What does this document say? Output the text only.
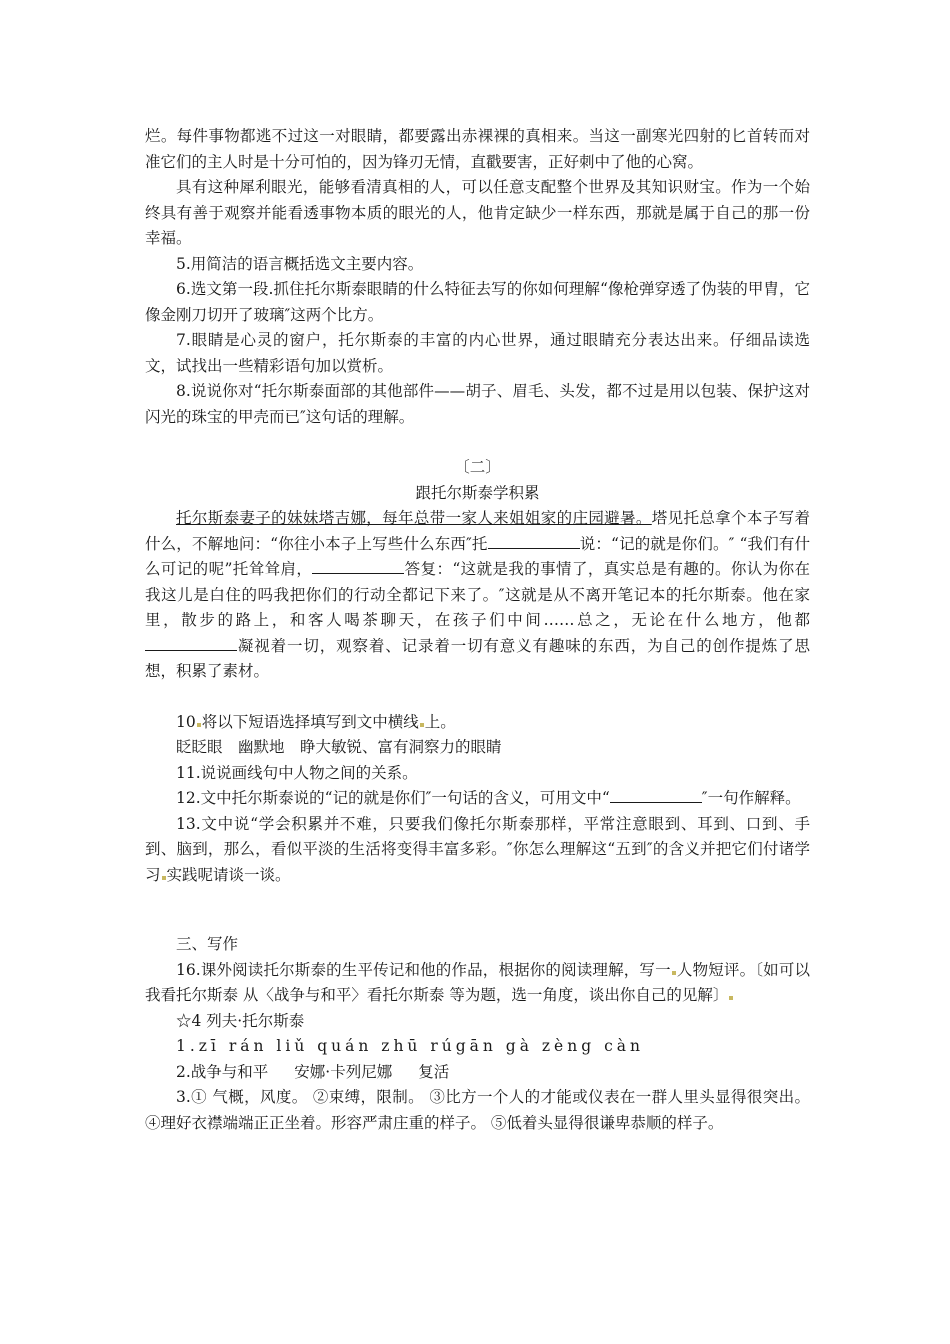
烂。每件事物都逃不过这一对眼睛，都要露出赤裸裸的真相来。当这一副寒光四射的匕首转而对准它们的主人时是十分可怕的，因为锋刃无情，直戳要害，正好刺中了他的心窝。

具有这种犀利眼光，能够看清真相的人，可以任意支配整个世界及其知识财宝。作为一个始终具有善于观察并能看透事物本质的眼光的人，他肯定缺少一样东西，那就是属于自己的那一份幸福。

5.用简洁的语言概括选文主要内容。

6.选文第一段.抓住托尔斯泰眼睛的什么特征去写的你如何理解“像枪弹穿透了伪装的甲胄，它像金刚刀切开了玻璃″这两个比方。

7.眼睛是心灵的窗户，托尔斯泰的丰富的内心世界，通过眼睛充分表达出来。仔细品读选文，试找出一些精彩语句加以赏析。

8.说说你对“托尔斯泰面部的其他部件——胡子、眉毛、头发，都不过是用以包装、保护这对闪光的珠宝的甲壳而已″这句话的理解。

〔二〕

跟托尔斯泰学积累

托尔斯泰妻子的妹妹塔吉娜，每年总带一家人来姐姐家的庄园避暑。塔见托总拿个本子写着什么，不解地问：“你往小本子上写些什么东西″托	说：“记的就是你们。″ “我们有什么可记的呢”托耸耸肩，	答复：“这就是我的事情了，真实总是有趣的。你认为你在我这儿是白住的吗我把你们的行动全都记下来了。″这就是从不离开笔记本的托尔斯泰。他在家里，散步的路上，和客人喝茶聊天，在孩子们中间……总之，无论在什么地方，他都凝视着一切，观察着、记录着一切有意义有趣味的东西，为自己的创作提炼了思想，积累了素材。

10 将以下短语选择填写到文中横线 上。

眨眨眼　幽默地　睁大敏锐、富有洞察力的眼睛

11.说说画线句中人物之间的关系。

12.文中托尔斯泰说的“记的就是你们″一句话的含义，可用文中“	″一句作解释。

13.文中说“学会积累并不难，只要我们像托尔斯泰那样，平常注意眼到、耳到、口到、手到、脑到，那么，看似平淡的生活将变得丰富多彩。″你怎么理解这“五到″的含义并把它们付诸学习 实践呢请谈一谈。

三、写作

16.课外阅读托尔斯泰的生平传记和他的作品，根据你的阅读理解，写一 人物短评。〔如可以 我看托尔斯泰 从〈战争与和平〉看托尔斯泰 等为题，选一角度，谈出你自己的见解〕

☆4 列夫·托尔斯泰

1.zī rán liǔ quán zhū rúgān gà zèng càn

2.战争与和平 安娜·卡列尼娜 复活

3.① 气概，风度。 ②束缚，限制。 ③比方一个人的才能或仪表在一群人里头显得很突出。 ④理好衣襟端端正正坐着。形容严肃庄重的样子。 ⑤低着头显得很谦卑恭顺的样子。
